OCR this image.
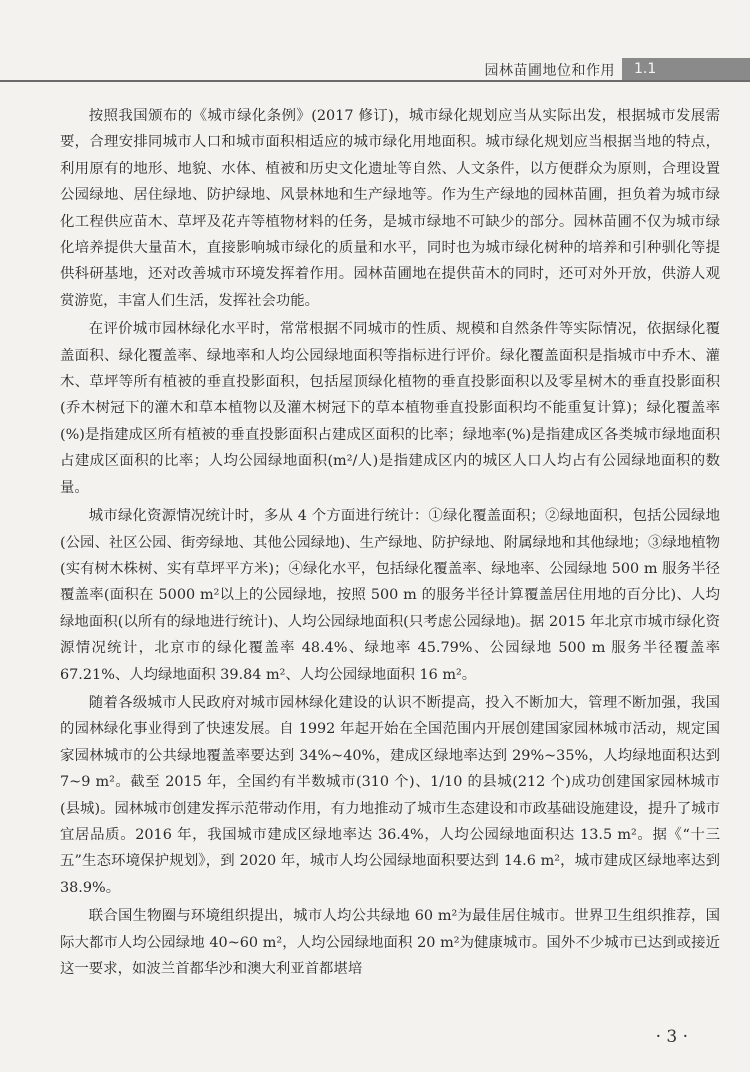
园林苗圃地位和作用	1.1

按照我国颁布的《城市绿化条例》(2017 修订)，城市绿化规划应当从实际出发，根据城市发展需要，合理安排同城市人口和城市面积相适应的城市绿化用地面积。城市绿化规划应当根据当地的特点，利用原有的地形、地貌、水体、植被和历史文化遗址等自然、人文条件，以方便群众为原则，合理设置公园绿地、居住绿地、防护绿地、风景林地和生产绿地等。作为生产绿地的园林苗圃，担负着为城市绿化工程供应苗木、草坪及花卉等植物材料的任务，是城市绿地不可缺少的部分。园林苗圃不仅为城市绿化培养提供大量苗木，直接影响城市绿化的质量和水平，同时也为城市绿化树种的培养和引种驯化等提供科研基地，还对改善城市环境发挥着作用。园林苗圃地在提供苗木的同时，还可对外开放，供游人观赏游览，丰富人们生活，发挥社会功能。

在评价城市园林绿化水平时，常常根据不同城市的性质、规模和自然条件等实际情况，依据绿化覆盖面积、绿化覆盖率、绿地率和人均公园绿地面积等指标进行评价。绿化覆盖面积是指城市中乔木、灌木、草坪等所有植被的垂直投影面积，包括屋顶绿化植物的垂直投影面积以及零星树木的垂直投影面积(乔木树冠下的灌木和草本植物以及灌木树冠下的草本植物垂直投影面积均不能重复计算)；绿化覆盖率(%)是指建成区所有植被的垂直投影面积占建成区面积的比率；绿地率(%)是指建成区各类城市绿地面积占建成区面积的比率；人均公园绿地面积(m²/人)是指建成区内的城区人口人均占有公园绿地面积的数量。

城市绿化资源情况统计时，多从 4 个方面进行统计：①绿化覆盖面积；②绿地面积，包括公园绿地(公园、社区公园、街旁绿地、其他公园绿地)、生产绿地、防护绿地、附属绿地和其他绿地；③绿地植物(实有树木株树、实有草坪平方米)；④绿化水平，包括绿化覆盖率、绿地率、公园绿地 500 m 服务半径覆盖率(面积在 5000 m²以上的公园绿地，按照 500 m 的服务半径计算覆盖居住用地的百分比)、人均绿地面积(以所有的绿地进行统计)、人均公园绿地面积(只考虑公园绿地)。据 2015 年北京市城市绿化资源情况统计，北京市的绿化覆盖率 48.4%、绿地率 45.79%、公园绿地 500 m 服务半径覆盖率 67.21%、人均绿地面积 39.84 m²、人均公园绿地面积 16 m²。

随着各级城市人民政府对城市园林绿化建设的认识不断提高，投入不断加大，管理不断加强，我国的园林绿化事业得到了快速发展。自 1992 年起开始在全国范围内开展创建国家园林城市活动，规定国家园林城市的公共绿地覆盖率要达到 34%~40%，建成区绿地率达到 29%~35%，人均绿地面积达到 7~9 m²。截至 2015 年，全国约有半数城市(310 个)、1/10 的县城(212 个)成功创建国家园林城市(县城)。园林城市创建发挥示范带动作用，有力地推动了城市生态建设和市政基础设施建设，提升了城市宜居品质。2016 年，我国城市建成区绿地率达 36.4%，人均公园绿地面积达 13.5 m²。据《“十三五”生态环境保护规划》，到 2020 年，城市人均公园绿地面积要达到 14.6 m²，城市建成区绿地率达到 38.9%。

联合国生物圈与环境组织提出，城市人均公共绿地 60 m²为最佳居住城市。世界卫生组织推荐，国际大都市人均公园绿地 40~60 m²，人均公园绿地面积 20 m²为健康城市。国外不少城市已达到或接近这一要求，如波兰首都华沙和澳大利亚首都堪培

· 3 ·
